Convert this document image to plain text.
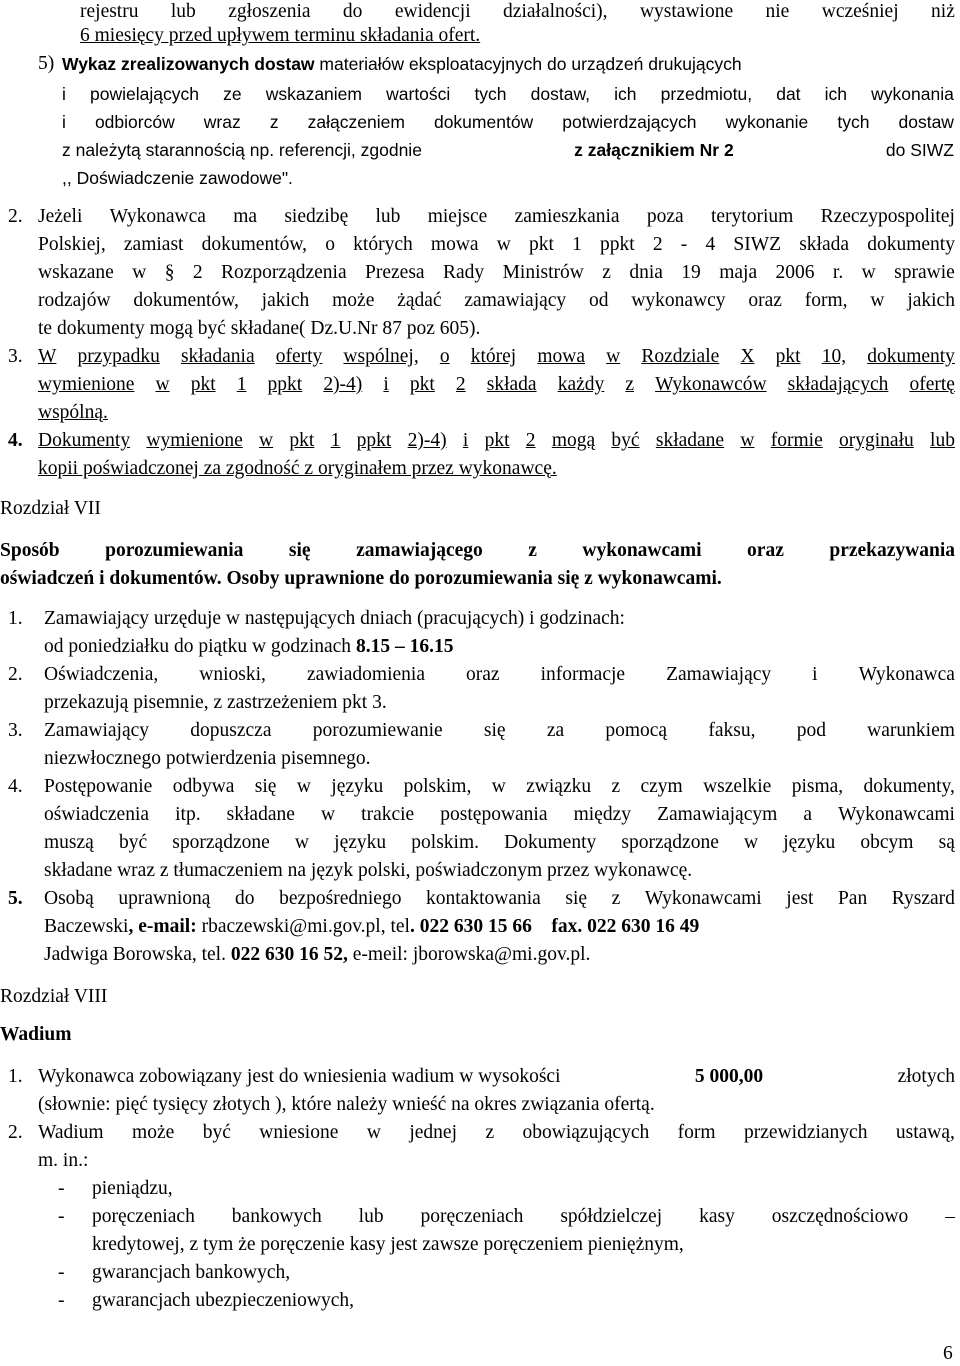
rejestru lub zgłoszenia do ewidencji działalności), wystawione nie wcześniej niż
6 miesięcy przed upływem terminu składania ofert.
5) Wykaz zrealizowanych dostaw materiałów eksploatacyjnych do urządzeń drukujących
i powielających ze wskazaniem wartości tych dostaw, ich przedmiotu, dat ich wykonania
i odbiorców wraz z załączeniem dokumentów potwierdzających wykonanie tych dostaw
z należytą starannością np. referencji, zgodnie	z załącznikiem Nr 2	do SIWZ
,, Doświadczenie zawodowe".
2. Jeżeli Wykonawca ma siedzibę lub miejsce zamieszkania poza terytorium Rzeczypospolitej
Polskiej, zamiast dokumentów, o których mowa w pkt 1 ppkt 2 - 4 SIWZ składa dokumenty
wskazane w § 2 Rozporządzenia Prezesa Rady Ministrów z dnia 19 maja 2006 r. w sprawie
rodzajów dokumentów, jakich może żądać zamawiający od wykonawcy oraz form, w jakich
te dokumenty mogą być składane( Dz.U.Nr 87 poz 605).
3. W przypadku składania oferty wspólnej, o której mowa w Rozdziale X pkt 10, dokumenty
wymienione w pkt 1 ppkt 2)-4) i pkt 2 składa każdy z Wykonawców składających ofertę
wspólną.
4. Dokumenty wymienione w pkt 1 ppkt 2)-4) i pkt 2 mogą być składane w formie oryginału lub
kopii poświadczonej za zgodność z oryginałem przez wykonawcę.
Rozdział VII
Sposób porozumiewania się zamawiającego z wykonawcami oraz przekazywania
oświadczeń i dokumentów. Osoby uprawnione do porozumiewania się z wykonawcami.
1. Zamawiający urzęduje w następujących dniach (pracujących) i godzinach:
od poniedziałku do piątku w godzinach 8.15 – 16.15
2. Oświadczenia, wnioski, zawiadomienia oraz informacje Zamawiający i Wykonawca
przekazują pisemnie, z zastrzeżeniem pkt 3.
3. Zamawiający dopuszcza porozumiewanie się za pomocą faksu, pod warunkiem
niezwłocznego potwierdzenia pisemnego.
4. Postępowanie odbywa się w języku polskim, w związku z czym wszelkie pisma, dokumenty,
oświadczenia itp. składane w trakcie postępowania między Zamawiającym a Wykonawcami
muszą być sporządzone w języku polskim. Dokumenty sporządzone w języku obcym są
składane wraz z tłumaczeniem na język polski, poświadczonym przez wykonawcę.
5. Osobą uprawnioną do bezpośredniego kontaktowania się z Wykonawcami jest Pan Ryszard
Baczewski, e-mail: rbaczewski@mi.gov.pl, tel. 022 630 15 66 fax. 022 630 16 49
Jadwiga Borowska, tel. 022 630 16 52, e-meil: jborowska@mi.gov.pl.
Rozdział VIII
Wadium
1. Wykonawca zobowiązany jest do wniesienia wadium w wysokości	5 000,00	złotych
(słownie: pięć tysięcy złotych ), które należy wnieść na okres związania ofertą.
2. Wadium może być wniesione w jednej z obowiązujących form przewidzianych ustawą,
m. in.:
- pieniądzu,
- poręczeniach bankowych lub poręczeniach spółdzielczej kasy oszczędnościowo –
kredytowej, z tym że poręczenie kasy jest zawsze poręczeniem pieniężnym,
- gwarancjach bankowych,
- gwarancjach ubezpieczeniowych,
6
